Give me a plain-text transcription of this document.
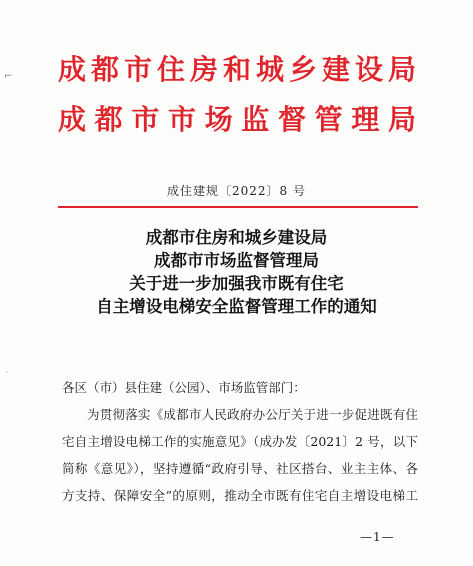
⌐
˙
成都市住房和城乡建设局
成都市市场监督管理局
成住建规〔2022〕8 号
成都市住房和城乡建设局
成都市市场监督管理局
关于进一步加强我市既有住宅
自主增设电梯安全监督管理工作的通知
各区（市）县住建（公园）、市场监管部门：
为贯彻落实《成都市人民政府办公厅关于进一步促进既有住
宅自主增设电梯工作的实施意见》（成办发〔2021〕2 号，以下
简称《意见》），坚持遵循“政府引导、社区搭台、业主主体、各
方支持、保障安全”的原则，推动全市既有住宅自主增设电梯工
—1—
